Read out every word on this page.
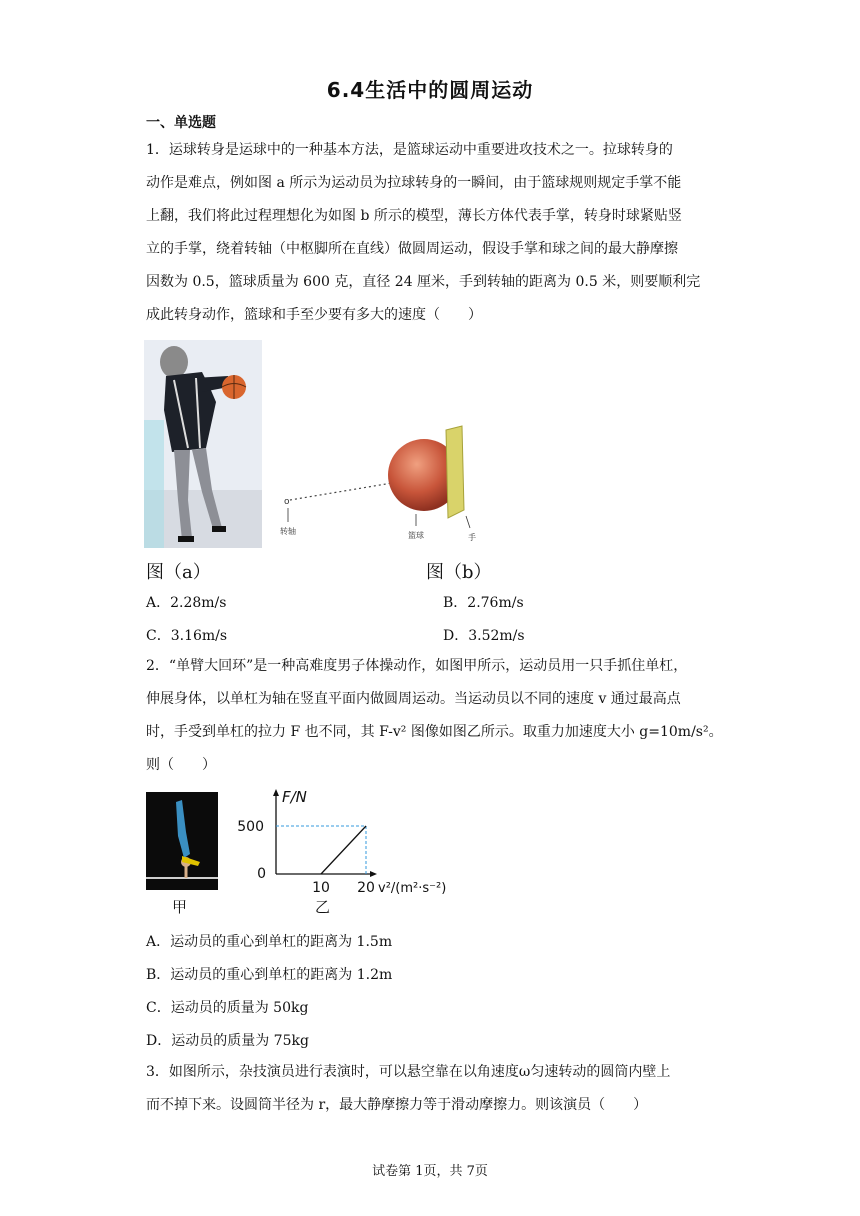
6.4生活中的圆周运动
一、单选题
1．运球转身是运球中的一种基本方法，是篮球运动中重要进攻技术之一。拉球转身的
动作是难点，例如图 a 所示为运动员为拉球转身的一瞬间，由于篮球规则规定手掌不能
上翻，我们将此过程理想化为如图 b 所示的模型，薄长方体代表手掌，转身时球紧贴竖
立的手掌，绕着转轴（中枢脚所在直线）做圆周运动，假设手掌和球之间的最大静摩擦
因数为 0.5，篮球质量为 600 克，直径 24 厘米，手到转轴的距离为 0.5 米，则要顺利完
成此转身动作，篮球和手至少要有多大的速度（　　）
o
转轴	篮球	手
图（a）	图（b）
A．2.28m/s	B．2.76m/s
C．3.16m/s	D．3.52m/s
2．“单臂大回环”是一种高难度男子体操动作，如图甲所示，运动员用一只手抓住单杠，
伸展身体，以单杠为轴在竖直平面内做圆周运动。当运动员以不同的速度 v 通过最高点
时，手受到单杠的拉力 F 也不同，其 F-v² 图像如图乙所示。取重力加速度大小 g=10m/s²。
则（　　）
甲
F/N
500
0
10 20 v²/(m²·s⁻²)
乙
A．运动员的重心到单杠的距离为 1.5m
B．运动员的重心到单杠的距离为 1.2m
C．运动员的质量为 50kg
D．运动员的质量为 75kg
3．如图所示，杂技演员进行表演时，可以悬空靠在以角速度ω匀速转动的圆筒内壁上
而不掉下来。设圆筒半径为 r，最大静摩擦力等于滑动摩擦力。则该演员（　　）
试卷第 1页，共 7页
